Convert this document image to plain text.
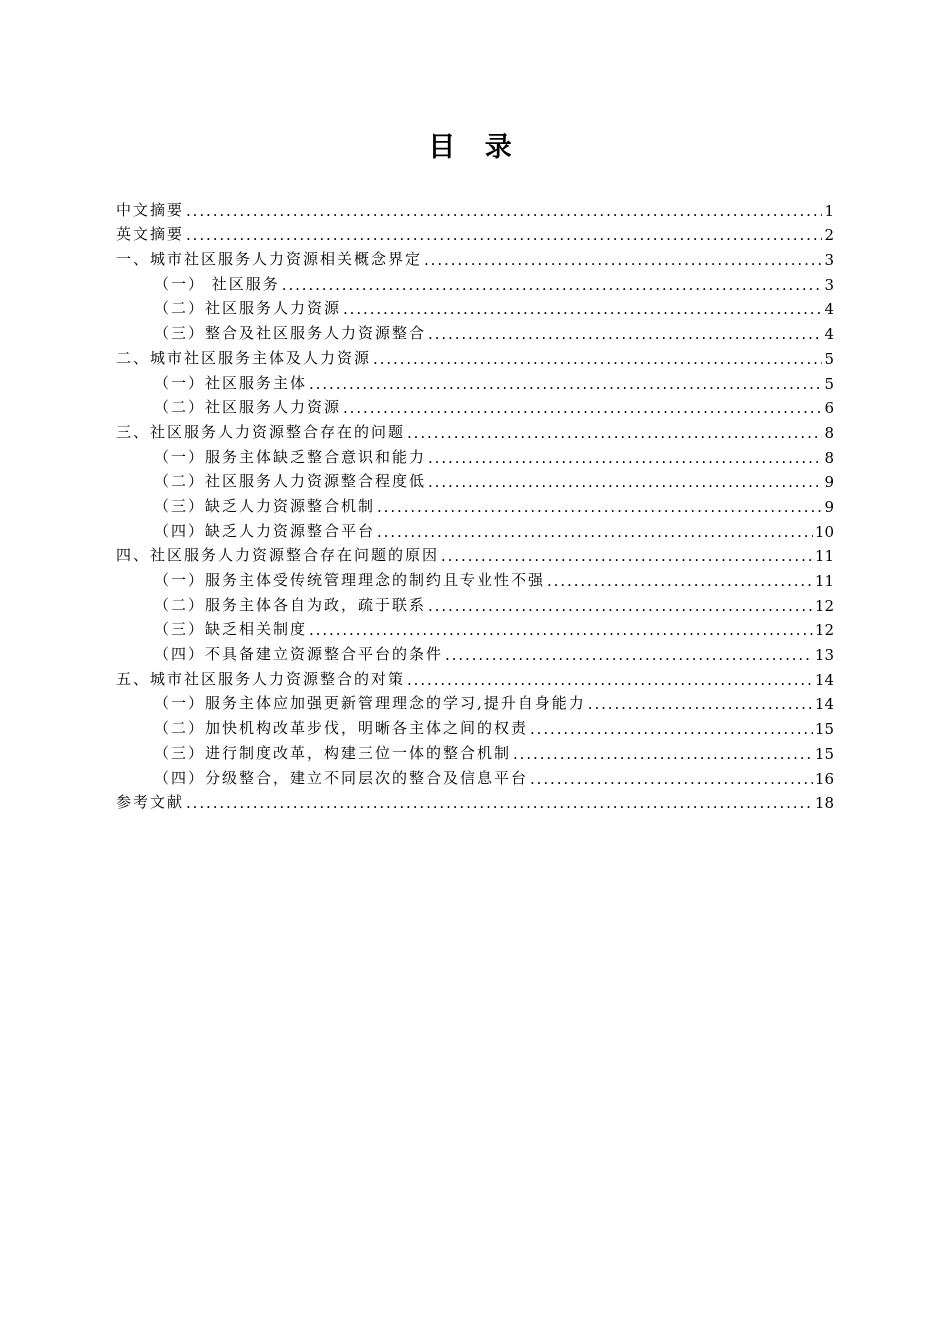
目 录
中文摘要 .....	1
英文摘要 .....	2
一、城市社区服务人力资源相关概念界定 .....	3
（一） 社区服务 .....	3
（二）社区服务人力资源 .....	4
（三）整合及社区服务人力资源整合 .....	4
二、城市社区服务主体及人力资源 .....	5
（一）社区服务主体 .....	5
（二）社区服务人力资源 .....	6
三、社区服务人力资源整合存在的问题 .....	8
（一）服务主体缺乏整合意识和能力 .....	8
（二）社区服务人力资源整合程度低 .....	9
（三）缺乏人力资源整合机制 .....	9
（四）缺乏人力资源整合平台 .....	10
四、社区服务人力资源整合存在问题的原因 .....	11
（一）服务主体受传统管理理念的制约且专业性不强 .....	11
（二）服务主体各自为政，疏于联系 .....	12
（三）缺乏相关制度 .....	12
（四）不具备建立资源整合平台的条件 .....	13
五、城市社区服务人力资源整合的对策 .....	14
（一）服务主体应加强更新管理理念的学习,提升自身能力 .....	14
（二）加快机构改革步伐，明晰各主体之间的权责 .....	15
（三）进行制度改革，构建三位一体的整合机制 .....	15
（四）分级整合，建立不同层次的整合及信息平台 .....	16
参考文献 .....	18
